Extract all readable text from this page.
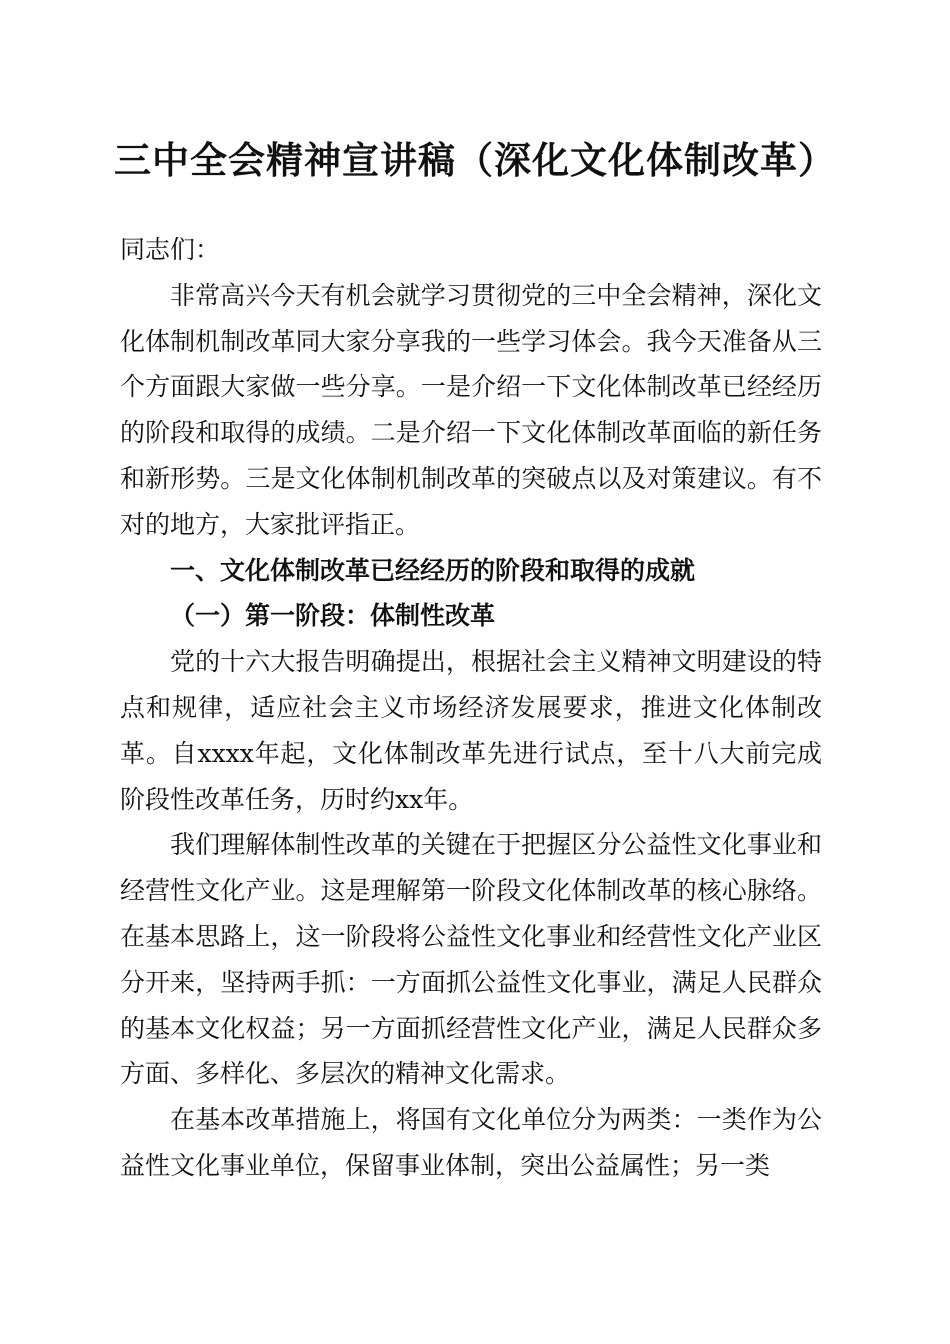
三中全会精神宣讲稿（深化文化体制改革）

同志们：

非常高兴今天有机会就学习贯彻党的三中全会精神，深化文化体制机制改革同大家分享我的一些学习体会。我今天准备从三个方面跟大家做一些分享。一是介绍一下文化体制改革已经经历的阶段和取得的成绩。二是介绍一下文化体制改革面临的新任务和新形势。三是文化体制机制改革的突破点以及对策建议。有不对的地方，大家批评指正。

一、文化体制改革已经经历的阶段和取得的成就

（一）第一阶段：体制性改革

党的十六大报告明确提出，根据社会主义精神文明建设的特点和规律，适应社会主义市场经济发展要求，推进文化体制改革。自xxxx年起，文化体制改革先进行试点，至十八大前完成阶段性改革任务，历时约xx年。

我们理解体制性改革的关键在于把握区分公益性文化事业和经营性文化产业。这是理解第一阶段文化体制改革的核心脉络。在基本思路上，这一阶段将公益性文化事业和经营性文化产业区分开来，坚持两手抓：一方面抓公益性文化事业，满足人民群众的基本文化权益；另一方面抓经营性文化产业，满足人民群众多方面、多样化、多层次的精神文化需求。

在基本改革措施上，将国有文化单位分为两类：一类作为公益性文化事业单位，保留事业体制，突出公益属性；另一类
